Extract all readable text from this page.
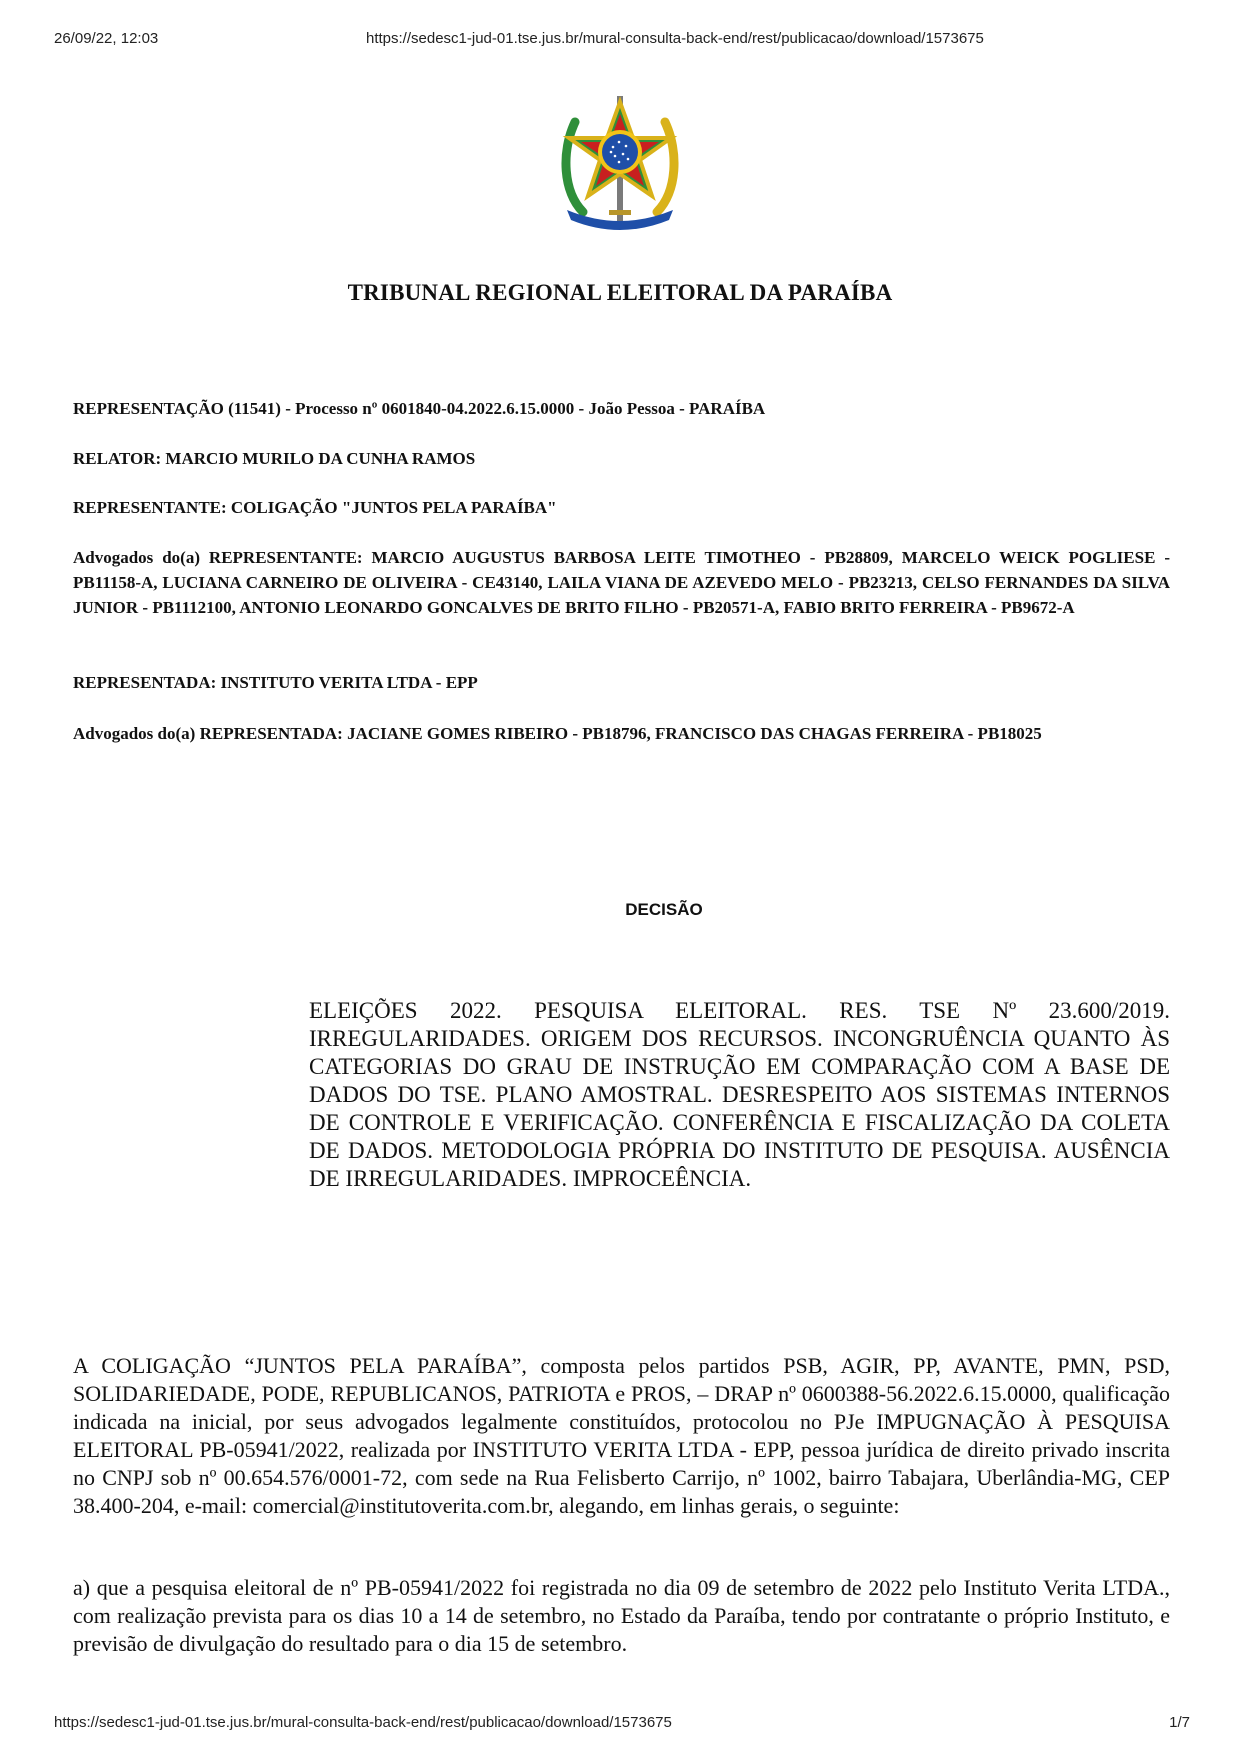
26/09/22, 12:03	https://sedesc1-jud-01.tse.jus.br/mural-consulta-back-end/rest/publicacao/download/1573675
TRIBUNAL REGIONAL ELEITORAL DA PARAÍBA
REPRESENTAÇÃO (11541) - Processo nº 0601840-04.2022.6.15.0000 - João Pessoa - PARAÍBA
RELATOR: MARCIO MURILO DA CUNHA RAMOS
REPRESENTANTE: COLIGAÇÃO "JUNTOS PELA PARAÍBA"
Advogados do(a) REPRESENTANTE: MARCIO AUGUSTUS BARBOSA LEITE TIMOTHEO - PB28809, MARCELO WEICK POGLIESE - PB11158-A, LUCIANA CARNEIRO DE OLIVEIRA - CE43140, LAILA VIANA DE AZEVEDO MELO - PB23213, CELSO FERNANDES DA SILVA JUNIOR - PB1112100, ANTONIO LEONARDO GONCALVES DE BRITO FILHO - PB20571-A, FABIO BRITO FERREIRA - PB9672-A
REPRESENTADA: INSTITUTO VERITA LTDA - EPP
Advogados do(a) REPRESENTADA: JACIANE GOMES RIBEIRO - PB18796, FRANCISCO DAS CHAGAS FERREIRA - PB18025
DECISÃO
ELEIÇÕES 2022. PESQUISA ELEITORAL. RES. TSE Nº 23.600/2019. IRREGULARIDADES. ORIGEM DOS RECURSOS. INCONGRUÊNCIA QUANTO ÀS CATEGORIAS DO GRAU DE INSTRUÇÃO EM COMPARAÇÃO COM A BASE DE DADOS DO TSE. PLANO AMOSTRAL. DESRESPEITO AOS SISTEMAS INTERNOS DE CONTROLE E VERIFICAÇÃO. CONFERÊNCIA E FISCALIZAÇÃO DA COLETA DE DADOS. METODOLOGIA PRÓPRIA DO INSTITUTO DE PESQUISA. AUSÊNCIA DE IRREGULARIDADES. IMPROCEÊNCIA.
A COLIGAÇÃO “JUNTOS PELA PARAÍBA”, composta pelos partidos PSB, AGIR, PP, AVANTE, PMN, PSD, SOLIDARIEDADE, PODE, REPUBLICANOS, PATRIOTA e PROS, – DRAP nº 0600388-56.2022.6.15.0000, qualificação indicada na inicial, por seus advogados legalmente constituídos, protocolou no PJe IMPUGNAÇÃO À PESQUISA ELEITORAL PB-05941/2022, realizada por INSTITUTO VERITA LTDA - EPP, pessoa jurídica de direito privado inscrita no CNPJ sob nº 00.654.576/0001-72, com sede na Rua Felisberto Carrijo, nº 1002, bairro Tabajara, Uberlândia-MG, CEP 38.400-204, e-mail: comercial@institutoverita.com.br, alegando, em linhas gerais, o seguinte:
a) que a pesquisa eleitoral de nº PB-05941/2022 foi registrada no dia 09 de setembro de 2022 pelo Instituto Verita LTDA., com realização prevista para os dias 10 a 14 de setembro, no Estado da Paraíba, tendo por contratante o próprio Instituto, e previsão de divulgação do resultado para o dia 15 de setembro.
https://sedesc1-jud-01.tse.jus.br/mural-consulta-back-end/rest/publicacao/download/1573675	1/7
